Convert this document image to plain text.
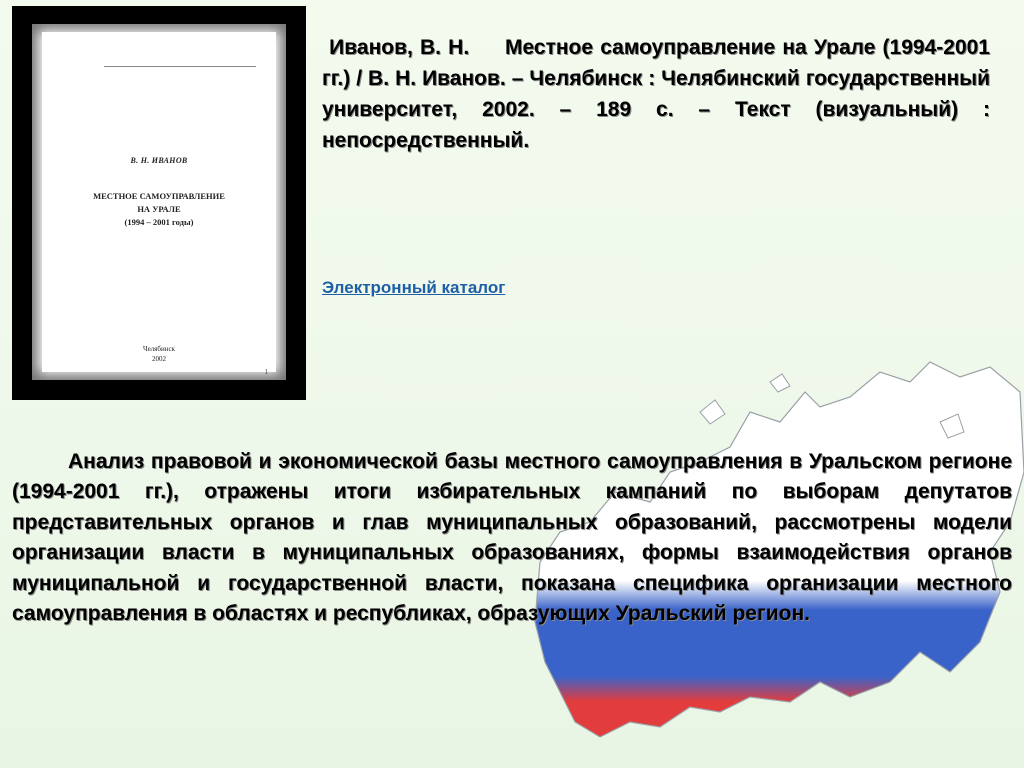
В. Н. ИВАНОВ
МЕСТНОЕ САМОУПРАВЛЕНИЕ
НА УРАЛЕ
(1994 – 2001 годы)
Челябинск
2002
1
Иванов, В. Н.     Местное самоуправление на Урале (1994-2001 гг.) / В. Н. Иванов. – Челябинск : Челябинский государственный университет, 2002. – 189 с. – Текст (визуальный) : непосредственный.
Электронный каталог
Анализ правовой и экономической базы местного самоуправления в Уральском регионе (1994-2001 гг.), отражены итоги избирательных кампаний по выборам депутатов представительных органов и глав муниципальных образований, рассмотрены модели организации власти в муниципальных образованиях, формы взаимодействия органов муниципальной и государственной власти, показана специфика организации местного самоуправления в областях и республиках, образующих Уральский регион.
